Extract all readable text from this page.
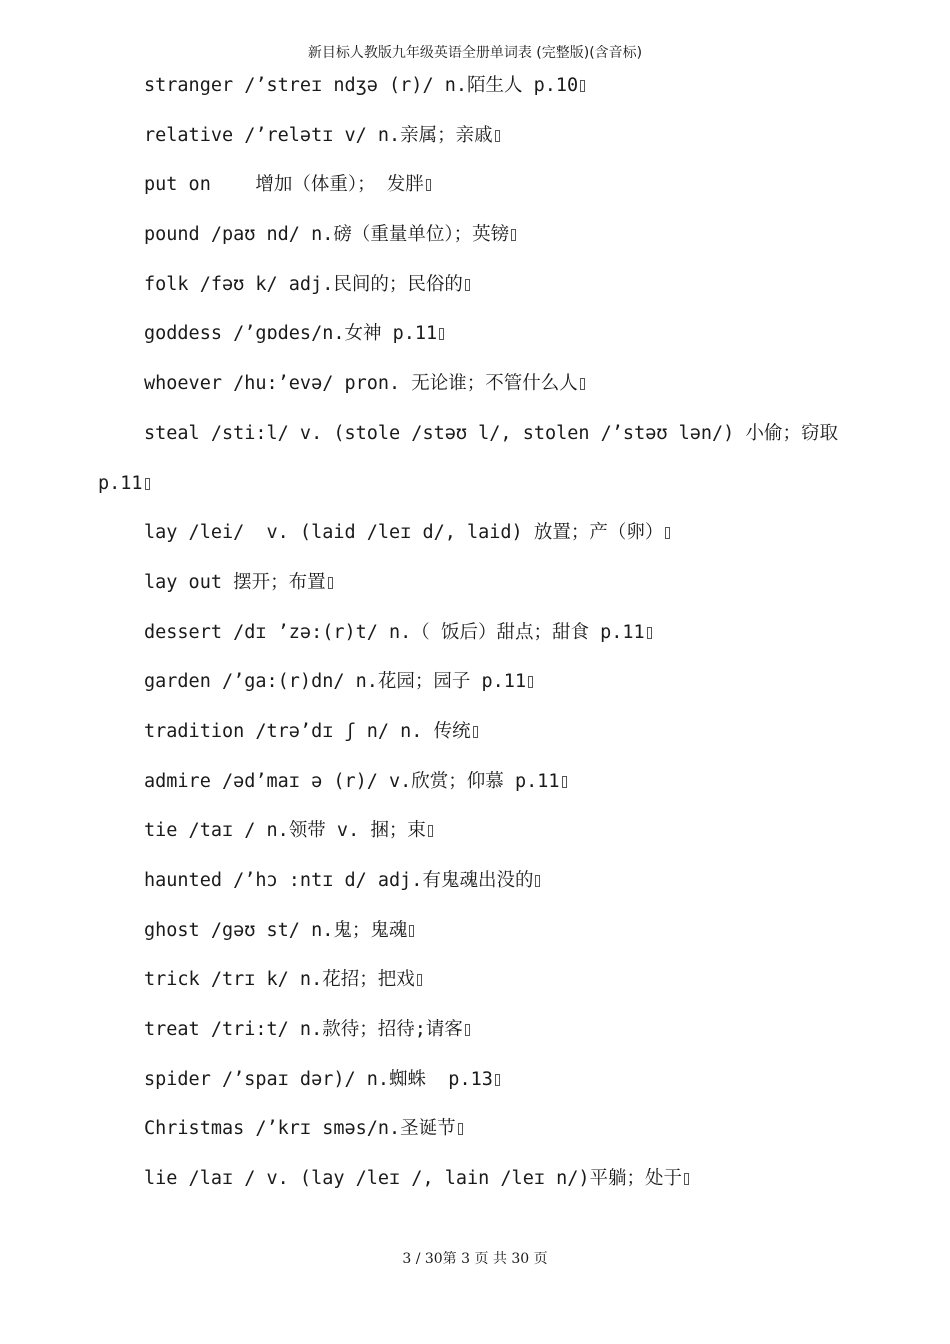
新目标人教版九年级英语全册单词表 (完整版)(含音标)
stranger /’streɪ ndʒə (r)/ n.陌生人 p.10
relative /’relətɪ v/ n.亲属；亲戚
put on    增加（体重）； 发胖
pound /paʊ nd/ n.磅（重量单位）；英镑
folk /fəʊ k/ adj.民间的；民俗的
goddess /’gɒdes/n.女神 p.11
whoever /hu:’evə/ pron. 无论谁；不管什么人
steal /sti:l/ v. (stole /stəʊ l/, stolen /’stəʊ lən/) 小偷；窃取
p.11
lay /lei/  v. (laid /leɪ d/, laid) 放置；产（卵）
lay out 摆开；布置
dessert /dɪ ’zə:(r)t/ n.（ 饭后）甜点；甜食 p.11
garden /’ga:(r)dn/ n.花园；园子 p.11
tradition /trə’dɪ ʃ n/ n. 传统
admire /əd’maɪ ə (r)/ v.欣赏；仰慕 p.11
tie /taɪ / n.领带 v. 捆；束
haunted /’hɔ :ntɪ d/ adj.有鬼魂出没的
ghost /gəʊ st/ n.鬼；鬼魂
trick /trɪ k/ n.花招；把戏
treat /tri:t/ n.款待；招待;请客
spider /’spaɪ dər)/ n.蜘蛛  p.13
Christmas /’krɪ sməs/n.圣诞节
lie /laɪ / v. (lay /leɪ /, lain /leɪ n/)平躺；处于
3 / 30第 3 页 共 30 页
